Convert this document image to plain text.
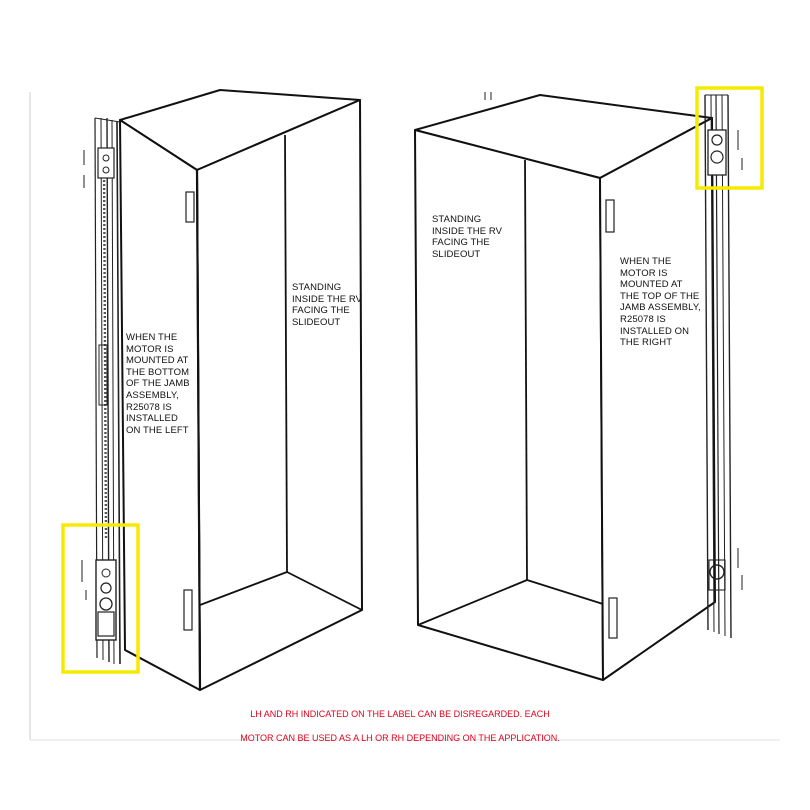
STANDING
INSIDE THE RV
FACING THE
SLIDEOUT
WHEN THE
MOTOR IS
MOUNTED AT
THE BOTTOM
OF THE JAMB
ASSEMBLY,
R25078 IS
INSTALLED
ON THE LEFT
STANDING
INSIDE THE RV
FACING THE
SLIDEOUT
WHEN THE
MOTOR IS
MOUNTED AT
THE TOP OF THE
JAMB ASSEMBLY,
R25078 IS
INSTALLED ON
THE RIGHT

LH AND RH INDICATED ON THE LABEL CAN BE DISREGARDED. EACH

MOTOR CAN BE USED AS A LH OR RH DEPENDING ON THE APPLICATION.
